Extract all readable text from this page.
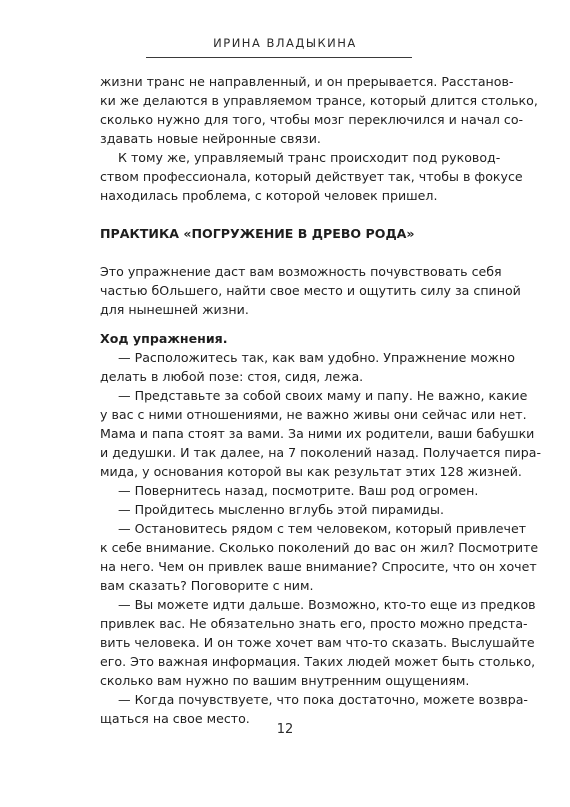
ИРИНА ВЛАДЫКИНА
жизни транс не направленный, и он прерывается. Расстанов-
ки же делаются в управляемом трансе, который длится столько,
сколько нужно для того, чтобы мозг переключился и начал со-
здавать новые нейронные связи.
К тому же, управляемый транс происходит под руковод-
ством профессионала, который действует так, чтобы в фокусе
находилась проблема, с которой человек пришел.
ПРАКТИКА «ПОГРУЖЕНИЕ В ДРЕВО РОДА»
Это упражнение даст вам возможность почувствовать себя
частью бОльшего, найти свое место и ощутить силу за спиной
для нынешней жизни.
Ход упражнения.
— Расположитесь так, как вам удобно. Упражнение можно
делать в любой позе: стоя, сидя, лежа.
— Представьте за собой своих маму и папу. Не важно, какие
у вас с ними отношениями, не важно живы они сейчас или нет.
Мама и папа стоят за вами. За ними их родители, ваши бабушки
и дедушки. И так далее, на 7 поколений назад. Получается пира-
мида, у основания которой вы как результат этих 128 жизней.
— Повернитесь назад, посмотрите. Ваш род огромен.
— Пройдитесь мысленно вглубь этой пирамиды.
— Остановитесь рядом с тем человеком, который привлечет
к себе внимание. Сколько поколений до вас он жил? Посмотрите
на него. Чем он привлек ваше внимание? Спросите, что он хочет
вам сказать? Поговорите с ним.
— Вы можете идти дальше. Возможно, кто-то еще из предков
привлек вас. Не обязательно знать его, просто можно предста-
вить человека. И он тоже хочет вам что-то сказать. Выслушайте
его. Это важная информация. Таких людей может быть столько,
сколько вам нужно по вашим внутренним ощущениям.
— Когда почувствуете, что пока достаточно, можете возвра-
щаться на свое место.
12
